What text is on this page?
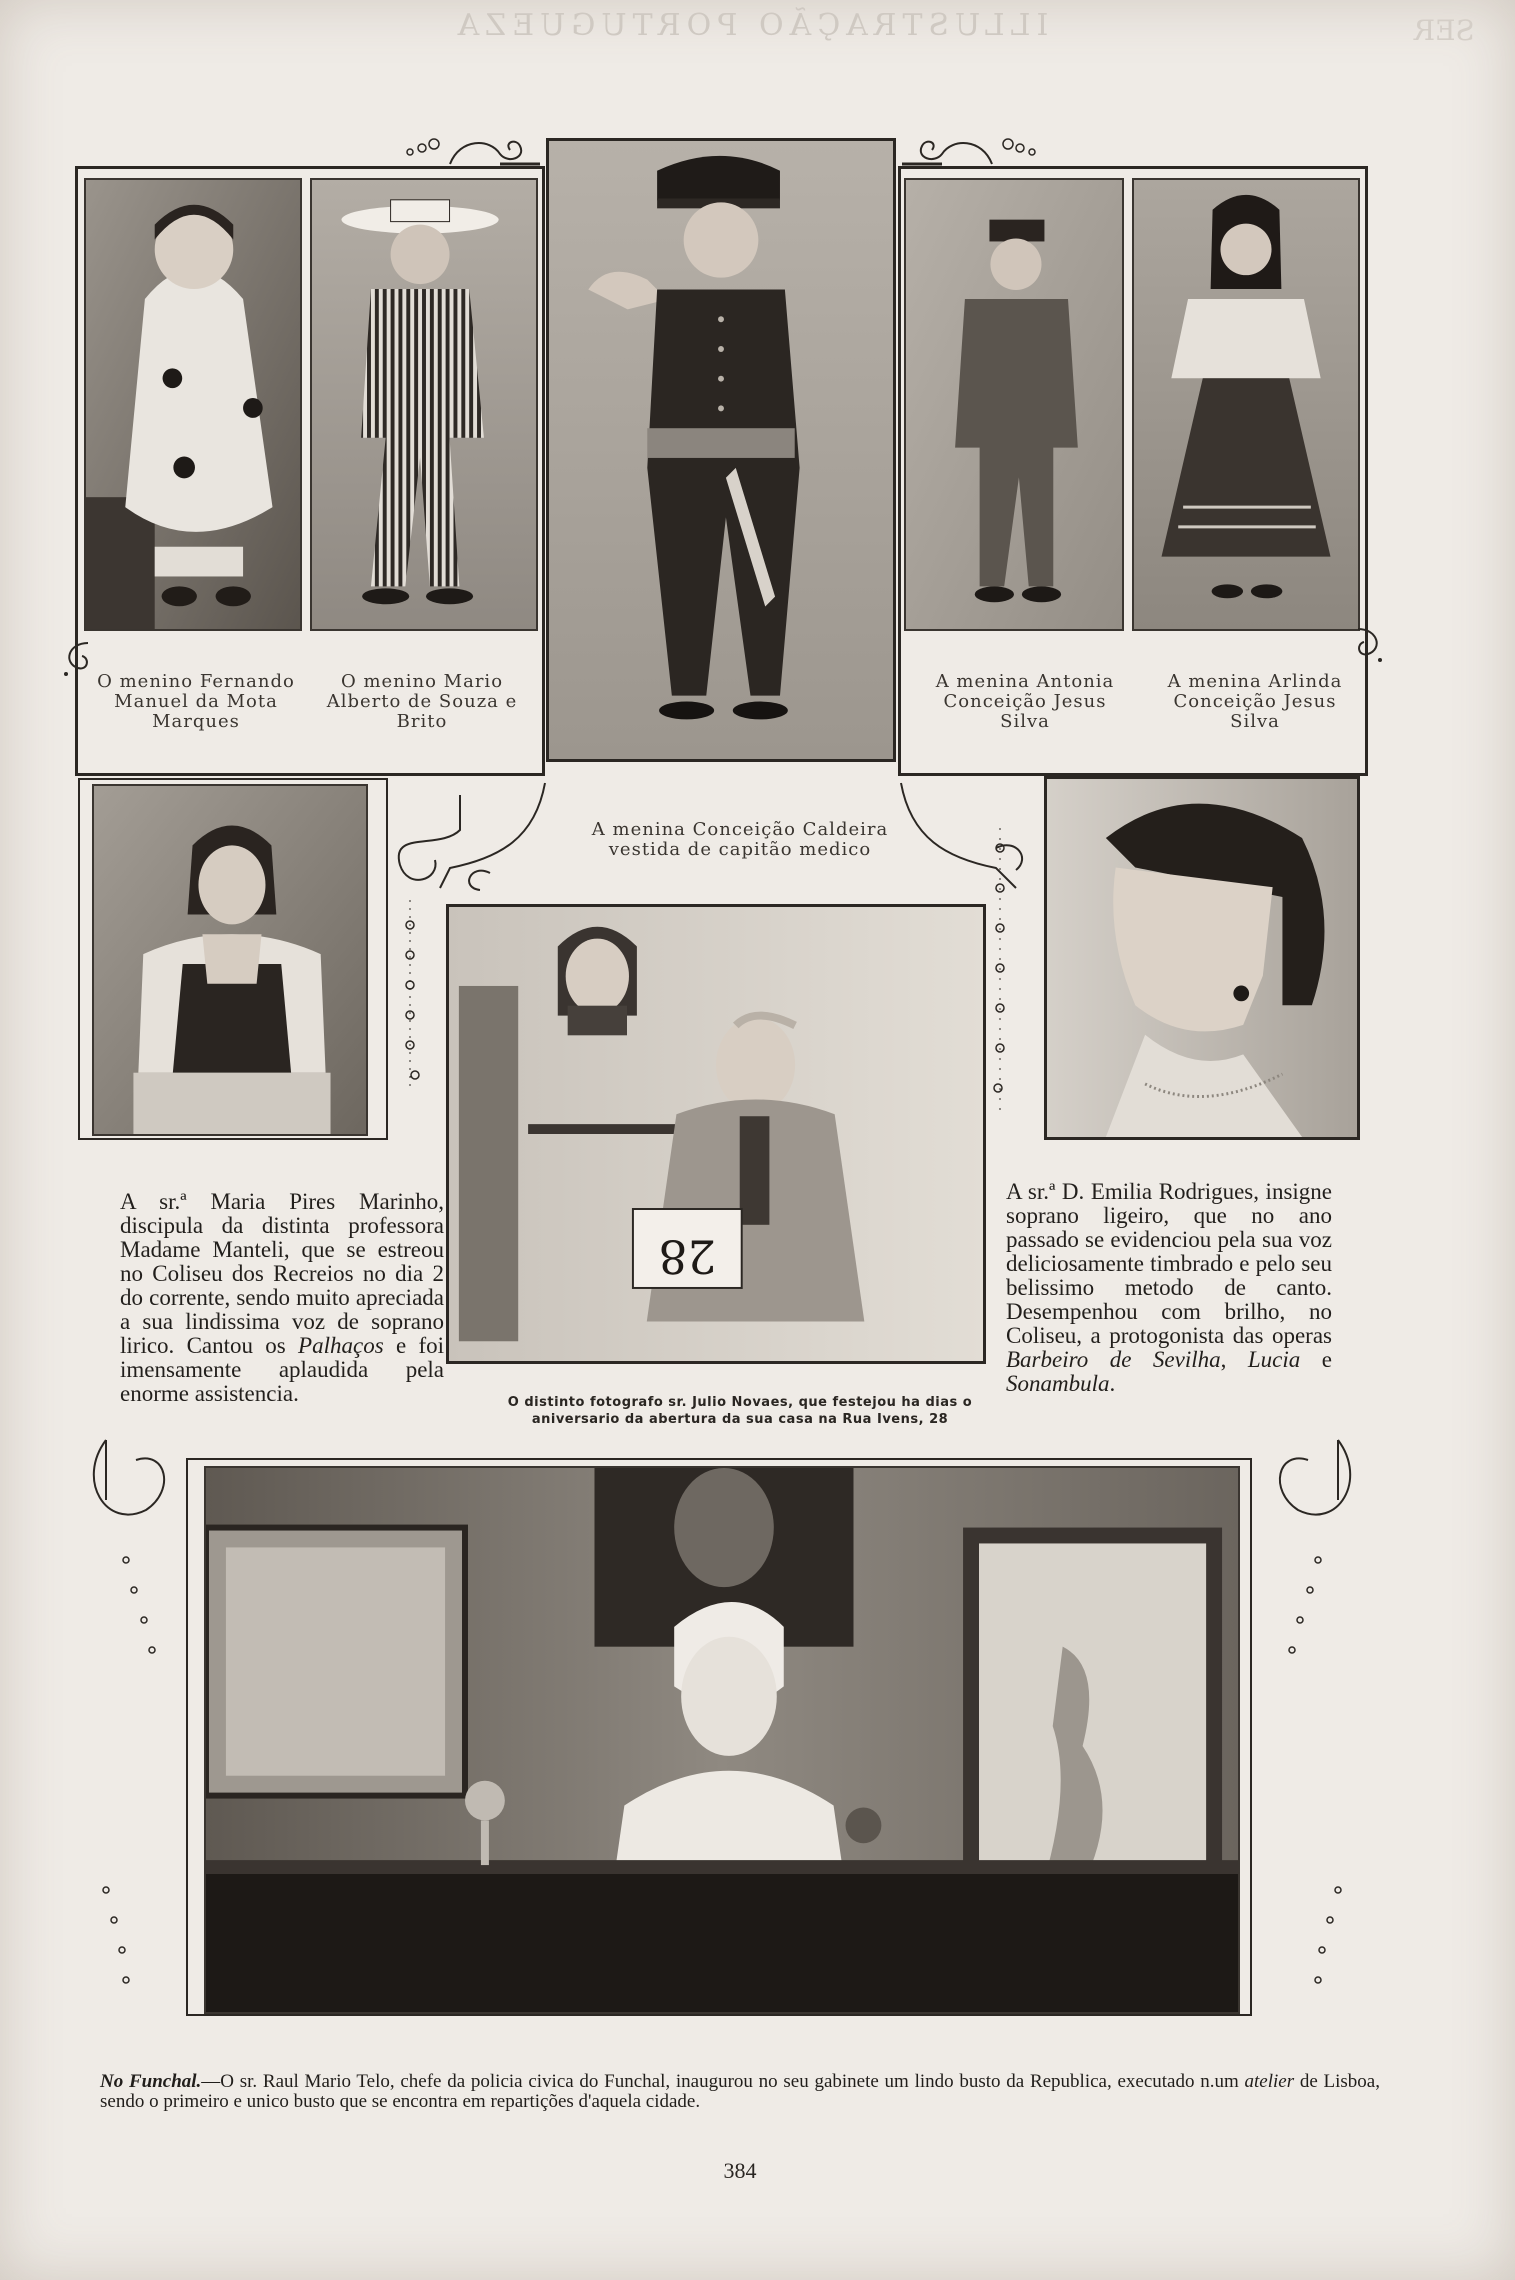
ILLUSTRAÇÃO PORTUGUEZA	SER
O menino Fernando Manuel da Mota Marques
O menino Mario Alberto de Souza e Brito
A menina Conceição Caldeira vestida de capitão medico
A menina Antonia Conceição Jesus Silva
A menina Arlinda Conceição Jesus Silva
28
A sr.ª Maria Pires Marinho, discipula da distinta professora Madame Manteli, que se estreou no Coliseu dos Recreios no dia 2 do corrente, sendo muito apreciada a sua lindissima voz de soprano lirico. Cantou os Palhaços e foi imensamente aplaudida pela enorme assistencia.
A sr.ª D. Emilia Rodrigues, insigne soprano ligeiro, que no ano passado se evidenciou pela sua voz deliciosamente timbrado e pelo seu belissimo metodo de canto. Desempenhou com brilho, no Coliseu, a protogonista das operas Barbeiro de Sevilha, Lucia e Sonambula.
O distinto fotografo sr. Julio Novaes, que festejou ha dias o aniversario da abertura da sua casa na Rua Ivens, 28
No Funchal.—O sr. Raul Mario Telo, chefe da policia civica do Funchal, inaugurou no seu gabinete um lindo busto da Republica, executado n.um atelier de Lisboa, sendo o primeiro e unico busto que se encontra em repartições d'aquela cidade.
384
